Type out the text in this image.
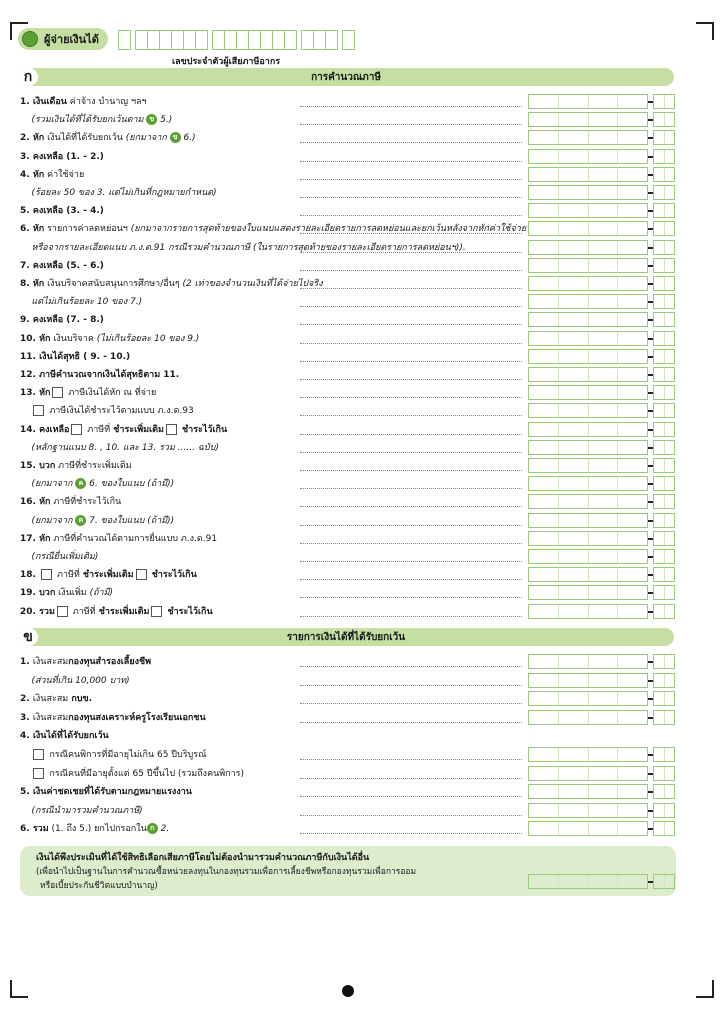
ผู้จ่ายเงินได้
เลขประจำตัวผู้เสียภาษีอากร
ก	การคำนวณภาษี
1. เงินเดือน ค่าจ้าง บำนาญ ฯลฯ
(รวมเงินได้ที่ได้รับยกเว้นตาม ข 5.)
2. หัก เงินได้ที่ได้รับยกเว้น (ยกมาจาก ข 6.)
3. คงเหลือ (1. - 2.)
4. หัก ค่าใช้จ่าย
(ร้อยละ 50 ของ 3. แต่ไม่เกินที่กฎหมายกำหนด)
5. คงเหลือ (3. - 4.)
6. หัก รายการค่าลดหย่อนฯ (ยกมาจากรายการสุดท้ายของใบแนบแสดงรายละเอียดรายการลดหย่อนและยกเว้นหลังจากหักค่าใช้จ่าย
หรือจากรายละเอียดแนบ ภ.ง.ด.91 กรณีรวมคำนวณภาษี (ในรายการสุดท้ายของรายละเอียดรายการลดหย่อนฯ)).
7. คงเหลือ (5. - 6.)
8. หัก เงินบริจาคสนับสนุนการศึกษา/อื่นๆ (2 เท่าของจำนวนเงินที่ได้จ่ายไปจริง
แต่ไม่เกินร้อยละ 10 ของ 7.)
9. คงเหลือ (7. - 8.)
10. หัก เงินบริจาค (ไม่เกินร้อยละ 10 ของ 9.)
11. เงินได้สุทธิ ( 9. - 10.)
12. ภาษีคำนวณจากเงินได้สุทธิตาม 11.
13. หัก ภาษีเงินได้หัก ณ ที่จ่าย
ภาษีเงินได้ชำระไว้ตามแบบ ภ.ง.ด.93
14. คงเหลือ ภาษีที่ ชำระเพิ่มเติม ชำระไว้เกิน
(หลักฐานแนบ 8. , 10. และ 13. รวม ...... ฉบับ)
15. บวก ภาษีที่ชำระเพิ่มเติม
(ยกมาจาก ค 6. ของใบแนบ (ถ้ามี))
16. หัก ภาษีที่ชำระไว้เกิน
(ยกมาจาก ค 7. ของใบแนบ (ถ้ามี))
17. หัก ภาษีที่คำนวณได้ตามการยื่นแบบ ภ.ง.ด.91
(กรณียื่นเพิ่มเติม)
18.  ภาษีที่ ชำระเพิ่มเติม ชำระไว้เกิน
19. บวก เงินเพิ่ม (ถ้ามี)
20. รวม ภาษีที่ ชำระเพิ่มเติม ชำระไว้เกิน
ข	รายการเงินได้ที่ได้รับยกเว้น
1. เงินสะสมกองทุนสำรองเลี้ยงชีพ
(ส่วนที่เกิน 10,000 บาท)
2. เงินสะสม กบข.
3. เงินสะสมกองทุนสงเคราะห์ครูโรงเรียนเอกชน
4. เงินได้ที่ได้รับยกเว้น
กรณีคนพิการที่มีอายุไม่เกิน 65 ปีบริบูรณ์
กรณีคนที่มีอายุตั้งแต่ 65 ปีขึ้นไป (รวมถึงคนพิการ)
5. เงินค่าชดเชยที่ได้รับตามกฎหมายแรงงาน
(กรณีนำมารวมคำนวณภาษี)
6. รวม (1. ถึง 5.) ยกไปกรอกใน ก 2.
เงินได้พึงประเมินที่ได้ใช้สิทธิเลือกเสียภาษีโดยไม่ต้องนำมารวมคำนวณภาษีกับเงินได้อื่น
(เพื่อนำไปเป็นฐานในการคำนวณซื้อหน่วยลงทุนในกองทุนรวมเพื่อการเลี้ยงชีพหรือกองทุนรวมเพื่อการออม
หรือเบี้ยประกันชีวิตแบบบำนาญ)
